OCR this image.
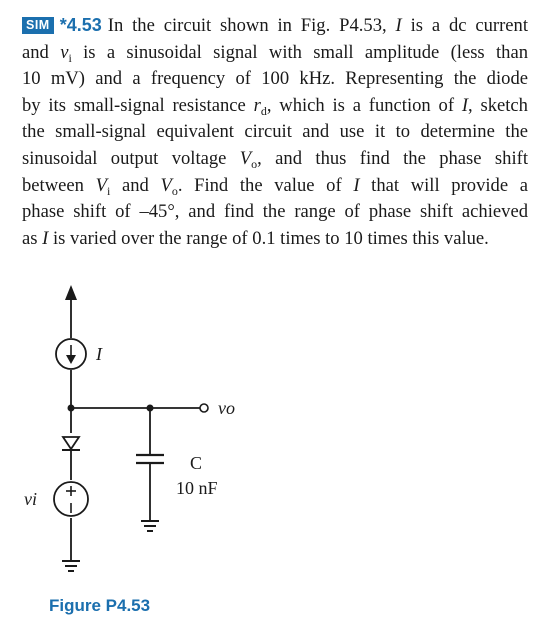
SIM *4.53 In the circuit shown in Fig. P4.53, I is a dc current
and $v_i$ is a sinusoidal signal with small amplitude (less than
10 mV) and a frequency of 100 kHz. Representing the diode
by its small-signal resistance $r_d$, which is a function of I, sketch
the small-signal equivalent circuit and use it to determine the
sinusoidal output voltage $V_o$, and thus find the phase shift
between $V_i$ and $V_o$. Find the value of I that will provide a
phase shift of –45°, and find the range of phase shift achieved
as I is varied over the range of 0.1 times to 10 times this value.
I
vo
C
10 nF
vi
Figure P4.53
